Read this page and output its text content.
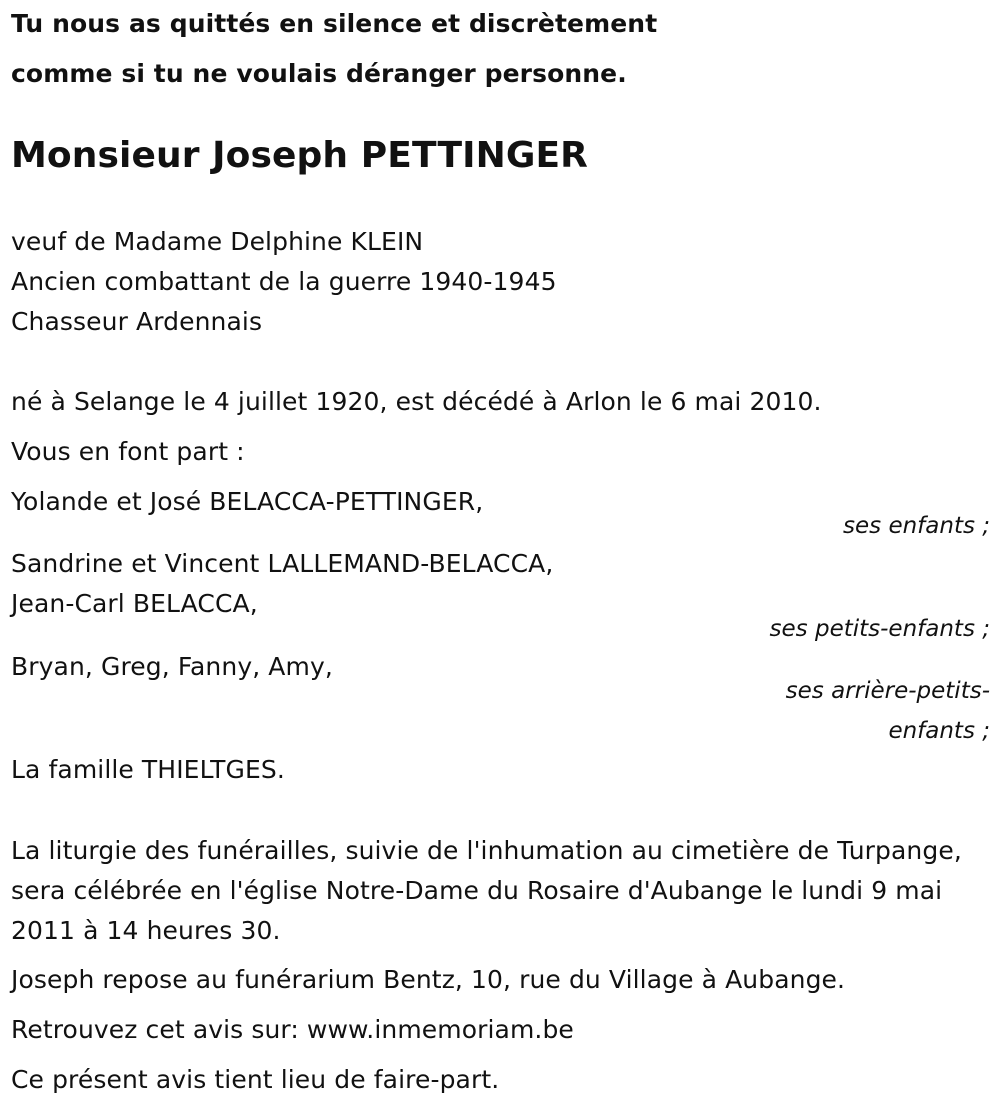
Tu nous as quittés en silence et discrètement
comme si tu ne voulais déranger personne.
Monsieur Joseph PETTINGER
veuf de Madame Delphine KLEIN
Ancien combattant de la guerre 1940-1945
Chasseur Ardennais
né à Selange le 4 juillet 1920, est décédé à Arlon le 6 mai 2010.
Vous en font part :
Yolande et José BELACCA-PETTINGER,
ses enfants ;
Sandrine et Vincent LALLEMAND-BELACCA,
Jean-Carl BELACCA,
ses petits-enfants ;
Bryan, Greg, Fanny, Amy,
ses arrière-petits-
enfants ;
La famille THIELTGES.
La liturgie des funérailles, suivie de l'inhumation au cimetière de Turpange, sera célébrée en l'église Notre-Dame du Rosaire d'Aubange le lundi 9 mai 2011 à 14 heures 30.
Joseph repose au funérarium Bentz, 10, rue du Village à Aubange.
Retrouvez cet avis sur: www.inmemoriam.be
Ce présent avis tient lieu de faire-part.
